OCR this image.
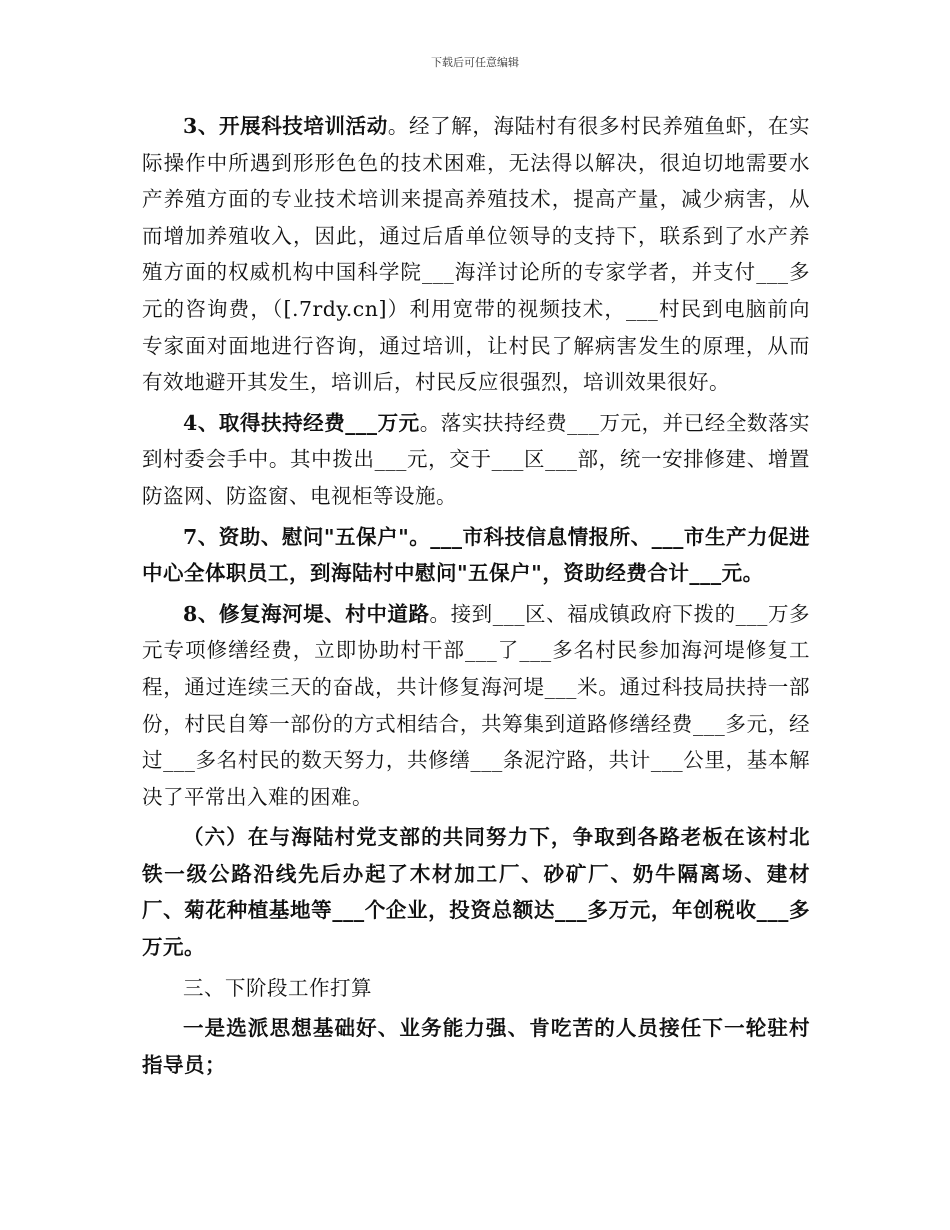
下载后可任意编辑

3、开展科技培训活动。经了解，海陆村有很多村民养殖鱼虾，在实际操作中所遇到形形色色的技术困难，无法得以解决，很迫切地需要水产养殖方面的专业技术培训来提高养殖技术，提高产量，减少病害，从而增加养殖收入，因此，通过后盾单位领导的支持下，联系到了水产养殖方面的权威机构中国科学院___海洋讨论所的专家学者，并支付___多元的咨询费，（[.7rdy.cn]）利用宽带的视频技术，___村民到电脑前向专家面对面地进行咨询，通过培训，让村民了解病害发生的原理，从而有效地避开其发生，培训后，村民反应很强烈，培训效果很好。

4、取得扶持经费___万元。落实扶持经费___万元，并已经全数落实到村委会手中。其中拨出___元，交于___区___部，统一安排修建、增置防盗网、防盗窗、电视柜等设施。

7、资助、慰问"五保户"。___市科技信息情报所、___市生产力促进中心全体职员工，到海陆村中慰问"五保户"，资助经费合计___元。

8、修复海河堤、村中道路。接到___区、福成镇政府下拨的___万多元专项修缮经费，立即协助村干部___了___多名村民参加海河堤修复工程，通过连续三天的奋战，共计修复海河堤___米。通过科技局扶持一部份，村民自筹一部份的方式相结合，共筹集到道路修缮经费___多元，经过___多名村民的数天努力，共修缮___条泥泞路，共计___公里，基本解决了平常出入难的困难。

（六）在与海陆村党支部的共同努力下，争取到各路老板在该村北铁一级公路沿线先后办起了木材加工厂、砂矿厂、奶牛隔离场、建材厂、菊花种植基地等___个企业，投资总额达___多万元，年创税收___多万元。

三、下阶段工作打算

一是选派思想基础好、业务能力强、肯吃苦的人员接任下一轮驻村指导员；
